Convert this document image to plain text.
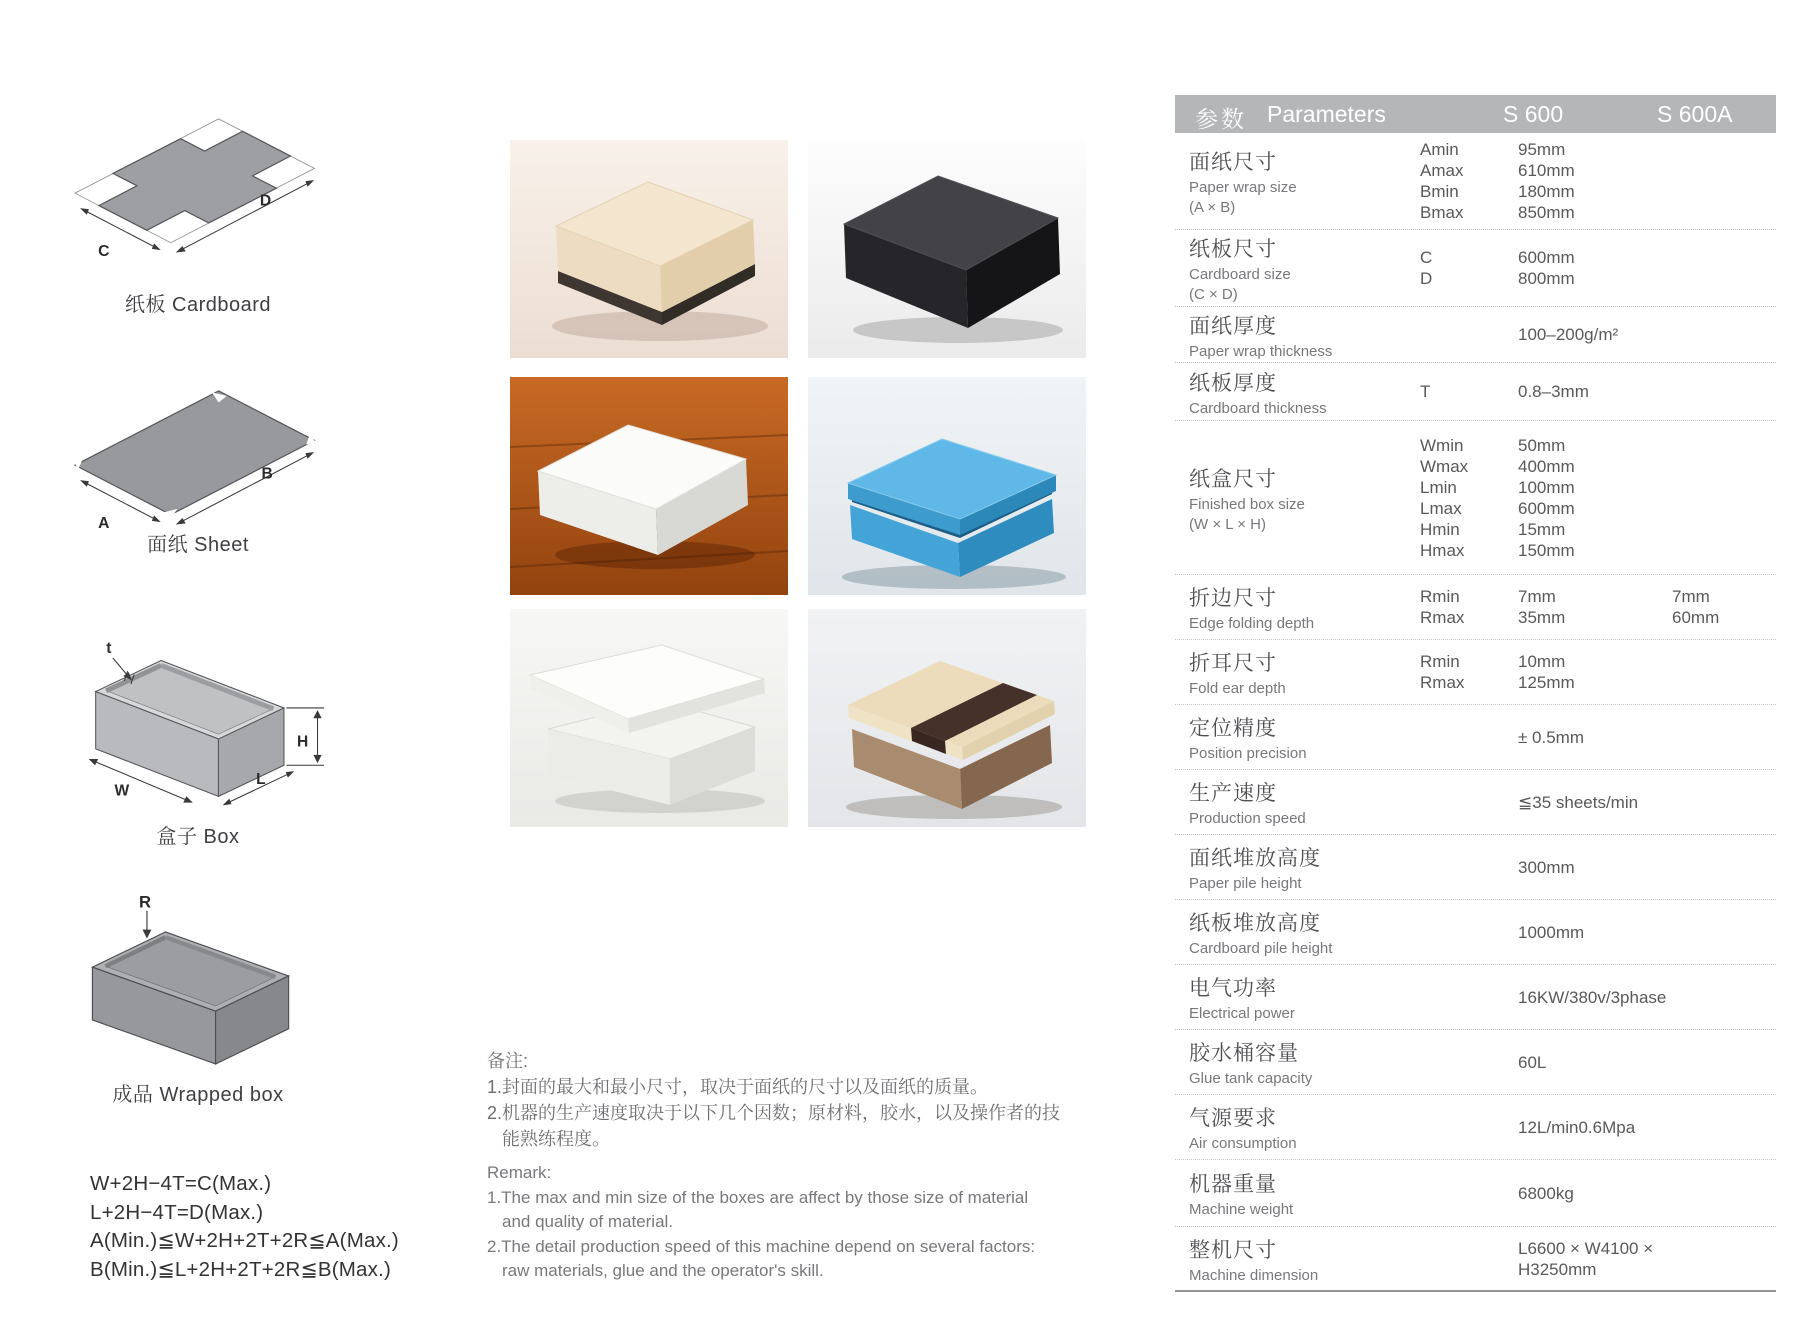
C
D
纸板 Cardboard
A
B
面纸 Sheet
t
H
L
W
盒子 Box
R
成品 Wrapped box
W+2H−4T=C(Max.)
L+2H−4T=D(Max.)
A(Min.)≦W+2H+2T+2R≦A(Max.)
B(Min.)≦L+2H+2T+2R≦B(Max.)
备注:
1.封面的最大和最小尺寸，取决于面纸的尺寸以及面纸的质量。
2.机器的生产速度取决于以下几个因数；原材料，胶水，以及操作者的技
能熟练程度。
Remark:
1.The max and min size of the boxes are affect by those size of material
and quality of material.
2.The detail production speed of this machine depend on several factors:
raw materials, glue and the operator's skill.
参数 Parameters	S 600	S 600A
面纸尺寸
Paper wrap size
(A × B)
Amin	95mm
Amax	610mm
Bmin	180mm
Bmax	850mm
纸板尺寸
Cardboard size
(C × D)
C	600mm
D	800mm
面纸厚度
Paper wrap thickness
100–200g/m²
纸板厚度
Cardboard thickness
T	0.8–3mm
纸盒尺寸
Finished box size
(W × L × H)
Wmin	50mm
Wmax	400mm
Lmin	100mm
Lmax	600mm
Hmin	15mm
Hmax	150mm
折边尺寸
Edge folding depth
Rmin	7mm	7mm
Rmax	35mm	60mm
折耳尺寸
Fold ear depth
Rmin	10mm
Rmax	125mm
定位精度
Position precision
± 0.5mm
生产速度
Production speed
≦35 sheets/min
面纸堆放高度
Paper pile height
300mm
纸板堆放高度
Cardboard pile height
1000mm
电气功率
Electrical power
16KW/380v/3phase
胶水桶容量
Glue tank capacity
60L
气源要求
Air consumption
12L/min0.6Mpa
机器重量
Machine weight
6800kg
整机尺寸
Machine dimension
L6600 × W4100 × H3250mm
